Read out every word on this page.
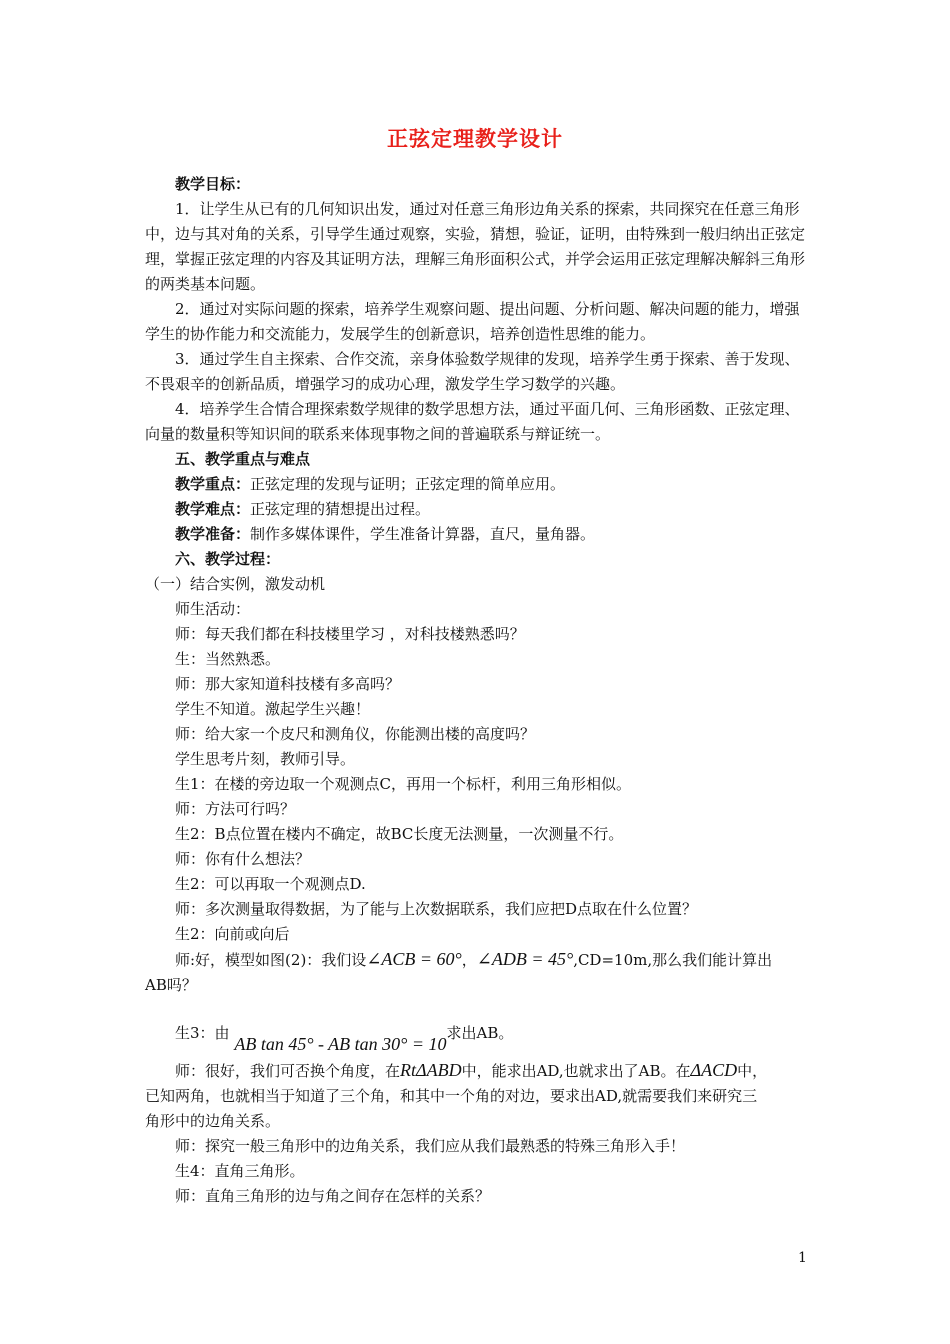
正弦定理教学设计

教学目标：

1．让学生从已有的几何知识出发，通过对任意三角形边角关系的探索，共同探究在任意三角形中，边与其对角的关系，引导学生通过观察，实验，猜想，验证，证明，由特殊到一般归纳出正弦定理，掌握正弦定理的内容及其证明方法，理解三角形面积公式，并学会运用正弦定理解决解斜三角形的两类基本问题。

2．通过对实际问题的探索，培养学生观察问题、提出问题、分析问题、解决问题的能力，增强学生的协作能力和交流能力，发展学生的创新意识，培养创造性思维的能力。

3．通过学生自主探索、合作交流，亲身体验数学规律的发现，培养学生勇于探索、善于发现、不畏艰辛的创新品质，增强学习的成功心理，激发学生学习数学的兴趣。

4．培养学生合情合理探索数学规律的数学思想方法，通过平面几何、三角形函数、正弦定理、向量的数量积等知识间的联系来体现事物之间的普遍联系与辩证统一。

五、教学重点与难点

教学重点：正弦定理的发现与证明；正弦定理的简单应用。

教学难点：正弦定理的猜想提出过程。

教学准备：制作多媒体课件，学生准备计算器，直尺，量角器。

六、教学过程：

（一）结合实例，激发动机

师生活动：

师：每天我们都在科技楼里学习 ，对科技楼熟悉吗？

生：当然熟悉。

师：那大家知道科技楼有多高吗？

学生不知道。激起学生兴趣！

师：给大家一个皮尺和测角仪，你能测出楼的高度吗？

学生思考片刻，教师引导。

生1：在楼的旁边取一个观测点C，再用一个标杆，利用三角形相似。

师：方法可行吗？

生2：B点位置在楼内不确定，故BC长度无法测量，一次测量不行。

师：你有什么想法？

生2：可以再取一个观测点D.

师：多次测量取得数据，为了能与上次数据联系，我们应把D点取在什么位置？

生2：向前或向后

师:好，模型如图(2)：我们设∠ACB = 60°，∠ADB = 45°,CD=10m,那么我们能计算出

AB吗？

生3：由 AB tan 45° - AB tan 30° = 10求出AB。

师：很好，我们可否换个角度，在RtΔABD中，能求出AD,也就求出了AB。在ΔACD中，

已知两角，也就相当于知道了三个角，和其中一个角的对边，要求出AD,就需要我们来研究三

角形中的边角关系。

师：探究一般三角形中的边角关系，我们应从我们最熟悉的特殊三角形入手！

生4：直角三角形。

师：直角三角形的边与角之间存在怎样的关系？

1
